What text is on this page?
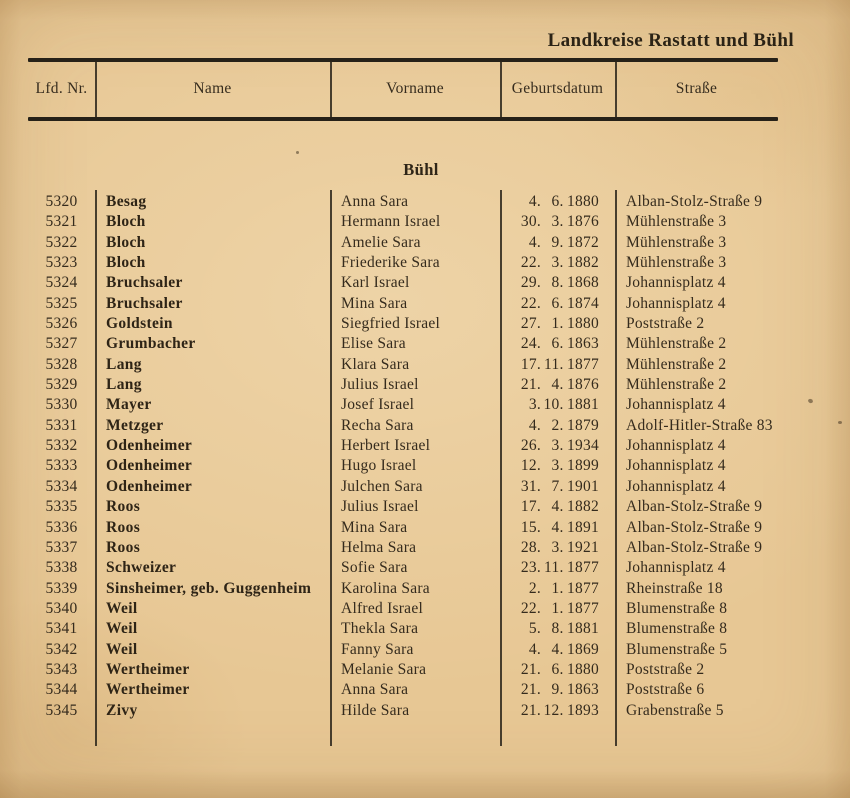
Landkreise Rastatt und Bühl
Lfd. Nr.	Name	Vorname	Geburtsdatum	Straße
Bühl
5320	Besag	Anna Sara	4. 6. 1880	Alban-Stolz-Straße 9
5321	Bloch	Hermann Israel	30. 3. 1876	Mühlenstraße 3
5322	Bloch	Amelie Sara	4. 9. 1872	Mühlenstraße 3
5323	Bloch	Friederike Sara	22. 3. 1882	Mühlenstraße 3
5324	Bruchsaler	Karl Israel	29. 8. 1868	Johannisplatz 4
5325	Bruchsaler	Mina Sara	22. 6. 1874	Johannisplatz 4
5326	Goldstein	Siegfried Israel	27. 1. 1880	Poststraße 2
5327	Grumbacher	Elise Sara	24. 6. 1863	Mühlenstraße 2
5328	Lang	Klara Sara	17. 11. 1877	Mühlenstraße 2
5329	Lang	Julius Israel	21. 4. 1876	Mühlenstraße 2
5330	Mayer	Josef Israel	3. 10. 1881	Johannisplatz 4
5331	Metzger	Recha Sara	4. 2. 1879	Adolf-Hitler-Straße 83
5332	Odenheimer	Herbert Israel	26. 3. 1934	Johannisplatz 4
5333	Odenheimer	Hugo Israel	12. 3. 1899	Johannisplatz 4
5334	Odenheimer	Julchen Sara	31. 7. 1901	Johannisplatz 4
5335	Roos	Julius Israel	17. 4. 1882	Alban-Stolz-Straße 9
5336	Roos	Mina Sara	15. 4. 1891	Alban-Stolz-Straße 9
5337	Roos	Helma Sara	28. 3. 1921	Alban-Stolz-Straße 9
5338	Schweizer	Sofie Sara	23. 11. 1877	Johannisplatz 4
5339	Sinsheimer, geb. Guggenheim	Karolina Sara	2. 1. 1877	Rheinstraße 18
5340	Weil	Alfred Israel	22. 1. 1877	Blumenstraße 8
5341	Weil	Thekla Sara	5. 8. 1881	Blumenstraße 8
5342	Weil	Fanny Sara	4. 4. 1869	Blumenstraße 5
5343	Wertheimer	Melanie Sara	21. 6. 1880	Poststraße 2
5344	Wertheimer	Anna Sara	21. 9. 1863	Poststraße 6
5345	Zivy	Hilde Sara	21. 12. 1893	Grabenstraße 5
